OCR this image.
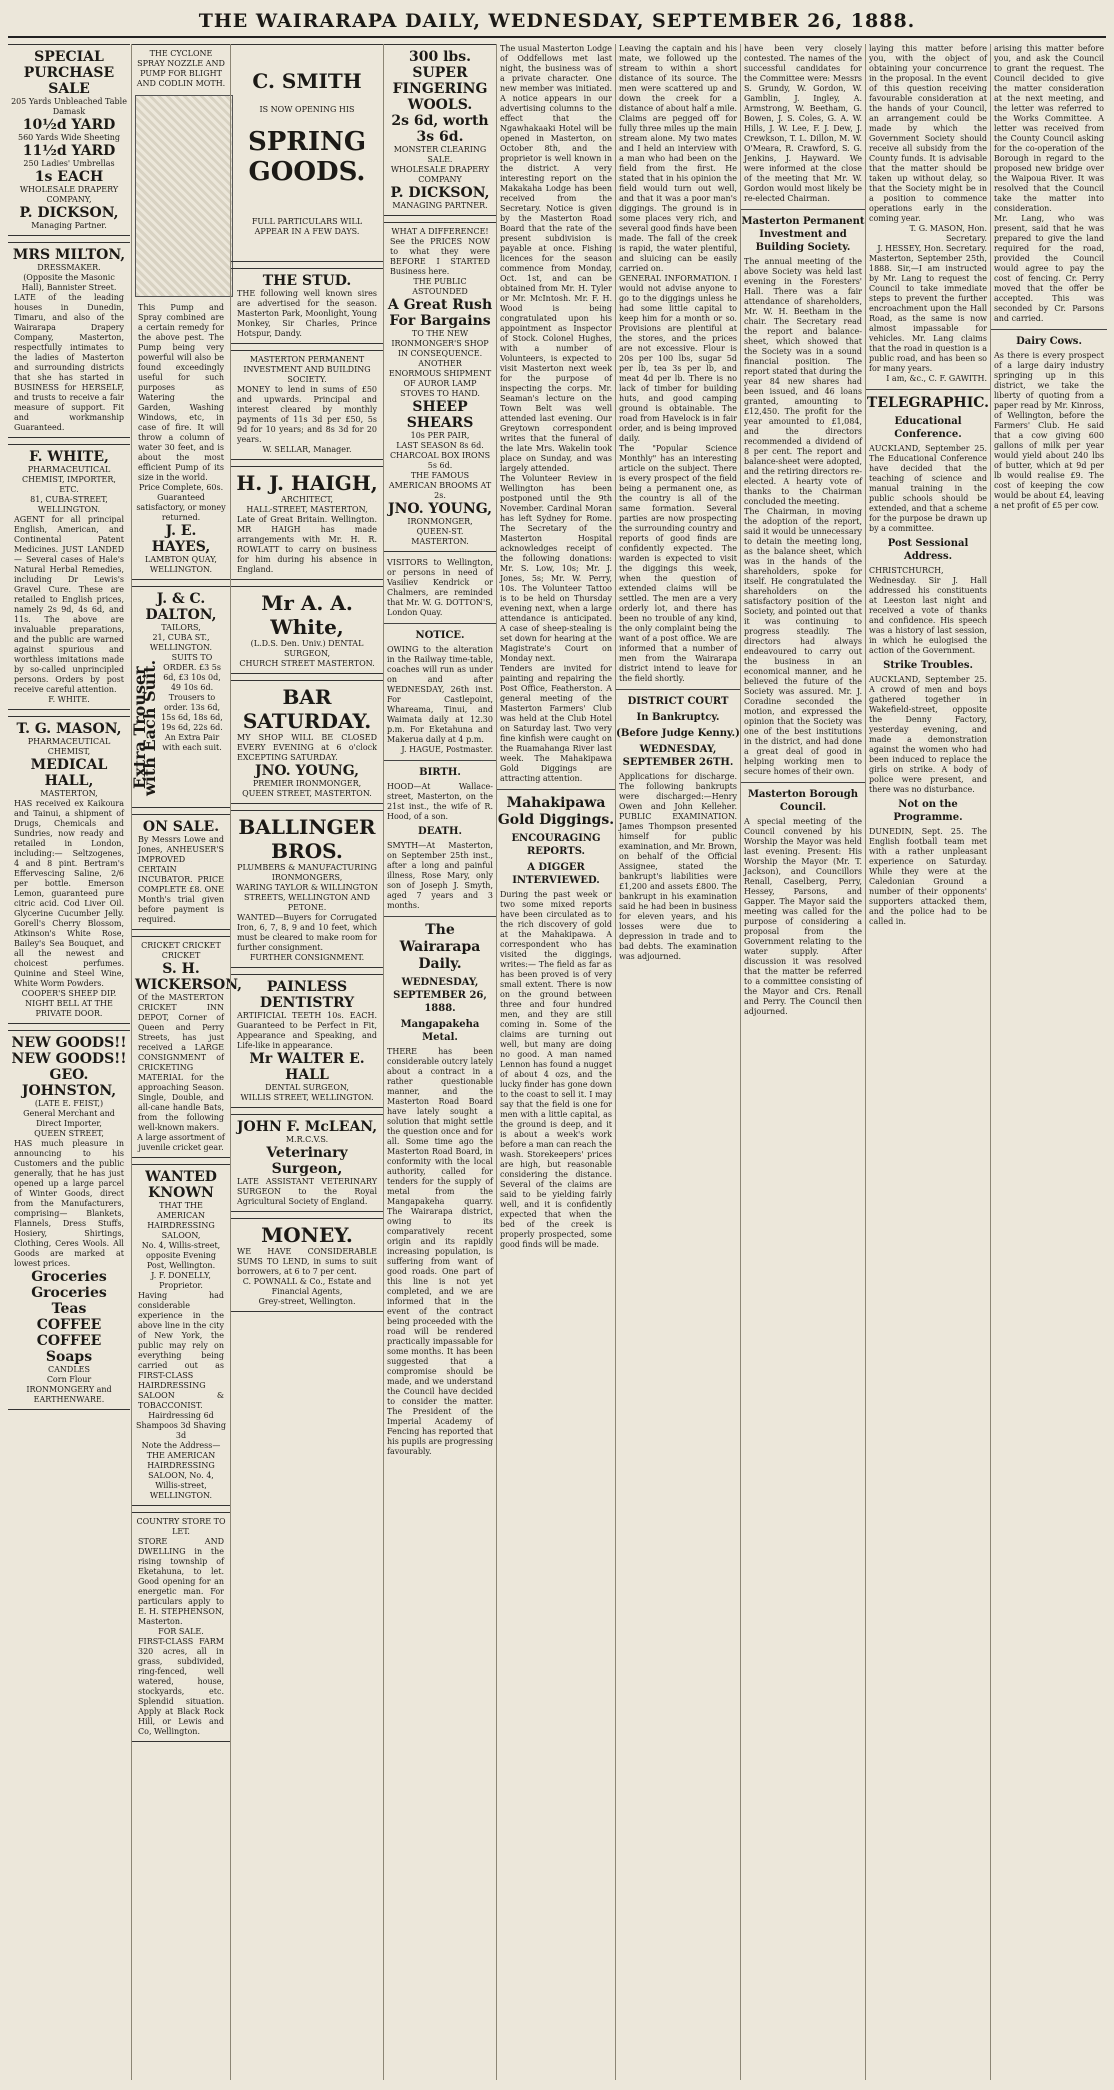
THE WAIRARAPA DAILY, WEDNESDAY, SEPTEMBER 26, 1888.
SPECIAL PURCHASE SALE
205 Yards Unbleached Table Damask
10½d YARD
560 Yards Wide Sheeting
11½d YARD
250 Ladies' Umbrellas
1s EACH
WHOLESALE DRAPERY COMPANY,
P. DICKSON,
Managing Partner.
MRS MILTON,
DRESSMAKER.
(Opposite the Masonic Hall), Bannister Street.
LATE of the leading houses in Dunedin, Timaru, and also of the Wairarapa Drapery Company, Masterton, respectfully intimates to the ladies of Masterton and surrounding districts that she has started in BUSINESS for HERSELF, and trusts to receive a fair measure of support. Fit and workmanship Guaranteed.
F. WHITE,
PHARMACEUTICAL CHEMIST, IMPORTER, ETC.
81, CUBA-STREET, WELLINGTON.
AGENT for all principal English, American, and Continental Patent Medicines. JUST LANDED — Several cases of Hale's Natural Herbal Remedies, including Dr Lewis's Gravel Cure. These are retailed to English prices, namely 2s 9d, 4s 6d, and 11s. The above are invaluable preparations, and the public are warned against spurious and worthless imitations made by so-called unprincipled persons. Orders by post receive careful attention.
F. WHITE.
T. G. MASON,
PHARMACEUTICAL CHEMIST,
MEDICAL HALL,
MASTERTON,
HAS received ex Kaikoura and Tainui, a shipment of Drugs, Chemicals and Sundries, now ready and retailed in London, including:— Seltzogenes, 4 and 8 pint. Bertram's Effervescing Saline, 2/6 per bottle. Emerson Lemon, guaranteed pure citric acid. Cod Liver Oil. Glycerine Cucumber Jelly. Gorell's Cherry Blossom, Atkinson's White Rose, Bailey's Sea Bouquet, and all the newest and choicest perfumes. Quinine and Steel Wine, White Worm Powders.
COOPER'S SHEEP DIP.
NIGHT BELL AT THE PRIVATE DOOR.
NEW GOODS!! NEW GOODS!!
GEO. JOHNSTON,
(LATE E. FEIST,)
General Merchant and Direct Importer,
QUEEN STREET,
HAS much pleasure in announcing to his Customers and the public generally, that he has just opened up a large parcel of Winter Goods, direct from the Manufacturers, comprising— Blankets, Flannels, Dress Stuffs, Hosiery, Shirtings, Clothing, Ceres Wools. All Goods are marked at lowest prices.
Groceries Groceries
Teas
COFFEE COFFEE
Soaps
CANDLES
Corn Flour
IRONMONGERY and EARTHENWARE.
THE CYCLONE SPRAY NOZZLE AND PUMP FOR BLIGHT AND CODLIN MOTH.
This Pump and Spray combined are a certain remedy for the above pest. The Pump being very powerful will also be found exceedingly useful for such purposes as Watering the Garden, Washing Windows, etc, in case of fire. It will throw a column of water 30 feet, and is about the most efficient Pump of its size in the world.
Price Complete, 60s.
Guaranteed satisfactory, or money returned.
J. E. HAYES,
LAMBTON QUAY, WELLINGTON.
J. & C. DALTON,
TAILORS,
21, CUBA ST., WELLINGTON.
Extra Trouser with Each Suit.
SUITS TO ORDER. £3 5s 6d, £3 10s 0d, 49 10s 6d.
Trousers to order. 13s 6d, 15s 6d, 18s 6d, 19s 6d, 22s 6d.
An Extra Pair with each suit.
ON SALE.
By Messrs Lowe and Jones, ANHEUSER'S IMPROVED CERTAIN INCUBATOR. PRICE COMPLETE £8. ONE Month's trial given before payment is required.
CRICKET CRICKET CRICKET
S. H. WICKERSON,
Of the MASTERTON CRICKET INN DEPOT, Corner of Queen and Perry Streets, has just received a LARGE CONSIGNMENT of CRICKETING MATERIAL for the approaching Season. Single, Double, and all-cane handle Bats, from the following well-known makers.
A large assortment of juvenile cricket gear.
WANTED KNOWN
THAT THE AMERICAN HAIRDRESSING SALOON,
No. 4, Willis-street, opposite Evening Post, Wellington.
J. F. DONELLY, Proprietor.
Having had considerable experience in the above line in the city of New York, the public may rely on everything being carried out as FIRST-CLASS HAIRDRESSING SALOON & TOBACCONIST.
Hairdressing 6d Shampoos 3d Shaving 3d
Note the Address— THE AMERICAN HAIRDRESSING SALOON, No. 4, Willis-street, WELLINGTON.
COUNTRY STORE TO LET.
STORE AND DWELLING in the rising township of Eketahuna, to let. Good opening for an energetic man. For particulars apply to E. H. STEPHENSON, Masterton.
FOR SALE.
FIRST-CLASS FARM 320 acres, all in grass, subdivided, ring-fenced, well watered, house, stockyards, etc. Splendid situation. Apply at Black Rock Hill, or Lewis and Co, Wellington.
C. SMITH
IS NOW OPENING HIS
SPRING GOODS.
FULL PARTICULARS WILL APPEAR IN A FEW DAYS.
THE STUD.
THE following well known sires are advertised for the season. Masterton Park, Moonlight, Young Monkey, Sir Charles, Prince Hotspur, Dandy.
MASTERTON PERMANENT INVESTMENT AND BUILDING SOCIETY.
MONEY to lend in sums of £50 and upwards. Principal and interest cleared by monthly payments of 11s 3d per £50, 5s 9d for 10 years; and 8s 3d for 20 years.
W. SELLAR, Manager.
H. J. HAIGH,
ARCHITECT,
HALL-STREET, MASTERTON,
Late of Great Britain. Wellington. MR HAIGH has made arrangements with Mr. H. R. ROWLATT to carry on business for him during his absence in England.
Mr A. A. White,
(L.D.S. Den. Univ.) DENTAL SURGEON,
CHURCH STREET MASTERTON.
BAR SATURDAY.
MY SHOP WILL BE CLOSED EVERY EVENING at 6 o'clock EXCEPTING SATURDAY.
JNO. YOUNG,
PREMIER IRONMONGER,
QUEEN STREET, MASTERTON.
BALLINGER BROS.
PLUMBERS & MANUFACTURING IRONMONGERS,
WARING TAYLOR & WILLINGTON STREETS, WELLINGTON AND PETONE.
WANTED—Buyers for Corrugated Iron, 6, 7, 8, 9 and 10 feet, which must be cleared to make room for further consignment.
FURTHER CONSIGNMENT.
PAINLESS DENTISTRY
ARTIFICIAL TEETH 10s. EACH. Guaranteed to be Perfect in Fit, Appearance and Speaking, and Life-like in appearance.
Mr WALTER E. HALL
DENTAL SURGEON,
WILLIS STREET, WELLINGTON.
JOHN F. McLEAN,
M.R.C.V.S.
Veterinary Surgeon,
LATE ASSISTANT VETERINARY SURGEON to the Royal Agricultural Society of England.
MONEY.
WE HAVE CONSIDERABLE SUMS TO LEND, in sums to suit borrowers, at 6 to 7 per cent.
C. POWNALL & Co., Estate and Financial Agents,
Grey-street, Wellington.
300 lbs.
SUPER FINGERING WOOLS.
2s 6d, worth 3s 6d.
MONSTER CLEARING SALE.
WHOLESALE DRAPERY COMPANY
P. DICKSON,
MANAGING PARTNER.
WHAT A DIFFERENCE!
See the PRICES NOW to what they were BEFORE I STARTED Business here.
THE PUBLIC ASTOUNDED
A Great Rush For Bargains
TO THE NEW IRONMONGER'S SHOP IN CONSEQUENCE.
ANOTHER
ENORMOUS SHIPMENT OF AUROR LAMP STOVES TO HAND.
SHEEP SHEARS
10s PER PAIR,
LAST SEASON 8s 6d.
CHARCOAL BOX IRONS 5s 6d.
THE FAMOUS AMERICAN BROOMS AT 2s.
JNO. YOUNG,
IRONMONGER,
QUEEN-ST. MASTERTON.
VISITORS to Wellington, or persons in need of Vasiliev Kendrick or Chalmers, are reminded that Mr. W. G. DOTTON'S, London Quay.
NOTICE.
OWING to the alteration in the Railway time-table, coaches will run as under on and after WEDNESDAY, 26th inst. For Castlepoint, Whareama, Tinui, and Waimata daily at 12.30 p.m. For Eketahuna and Makerua daily at 4 p.m.
J. HAGUE, Postmaster.
BIRTH.
HOOD—At Wallace-street, Masterton, on the 21st inst., the wife of R. Hood, of a son.
DEATH.
SMYTH—At Masterton, on September 25th inst., after a long and painful illness, Rose Mary, only son of Joseph J. Smyth, aged 7 years and 3 months.
The Wairarapa Daily.
WEDNESDAY, SEPTEMBER 26, 1888.
Mangapakeha Metal.
THERE has been considerable outcry lately about a contract in a rather questionable manner, and the Masterton Road Board have lately sought a solution that might settle the question once and for all. Some time ago the Masterton Road Board, in conformity with the local authority, called for tenders for the supply of metal from the Mangapakeha quarry. The Wairarapa district, owing to its comparatively recent origin and its rapidly increasing population, is suffering from want of good roads. One part of this line is not yet completed, and we are informed that in the event of the contract being proceeded with the road will be rendered practically impassable for some months. It has been suggested that a compromise should be made, and we understand the Council have decided to consider the matter. The President of the Imperial Academy of Fencing has reported that his pupils are progressing favourably.
The usual Masterton Lodge of Oddfellows met last night, the business was of a private character. One new member was initiated. A notice appears in our advertising columns to the effect that the Ngawhakaaki Hotel will be opened in Masterton, on October 8th, and the proprietor is well known in the district. A very interesting report on the Makakaha Lodge has been received from the Secretary. Notice is given by the Masterton Road Board that the rate of the present subdivision is payable at once. Fishing licences for the season commence from Monday, Oct. 1st, and can be obtained from Mr. H. Tyler or Mr. McIntosh. Mr. F. H. Wood is being congratulated upon his appointment as Inspector of Stock. Colonel Hughes, with a number of Volunteers, is expected to visit Masterton next week for the purpose of inspecting the corps. Mr. Seaman's lecture on the Town Belt was well attended last evening. Our Greytown correspondent writes that the funeral of the late Mrs. Wakelin took place on Sunday, and was largely attended.
The Volunteer Review in Wellington has been postponed until the 9th November. Cardinal Moran has left Sydney for Rome. The Secretary of the Masterton Hospital acknowledges receipt of the following donations: Mr. S. Low, 10s; Mr. J. Jones, 5s; Mr. W. Perry, 10s. The Volunteer Tattoo is to be held on Thursday evening next, when a large attendance is anticipated. A case of sheep-stealing is set down for hearing at the Magistrate's Court on Monday next.
Tenders are invited for painting and repairing the Post Office, Featherston. A general meeting of the Masterton Farmers' Club was held at the Club Hotel on Saturday last. Two very fine kinfish were caught on the Ruamahanga River last week. The Mahakipawa Gold Diggings are attracting attention.
Mahakipawa Gold Diggings.
ENCOURAGING REPORTS.
A DIGGER INTERVIEWED.
During the past week or two some mixed reports have been circulated as to the rich discovery of gold at the Mahakipawa. A correspondent who has visited the diggings, writes:— The field as far as has been proved is of very small extent. There is now on the ground between three and four hundred men, and they are still coming in. Some of the claims are turning out well, but many are doing no good. A man named Lennon has found a nugget of about 4 ozs, and the lucky finder has gone down to the coast to sell it. I may say that the field is one for men with a little capital, as the ground is deep, and it is about a week's work before a man can reach the wash. Storekeepers' prices are high, but reasonable considering the distance. Several of the claims are said to be yielding fairly well, and it is confidently expected that when the bed of the creek is properly prospected, some good finds will be made.
Leaving the captain and his mate, we followed up the stream to within a short distance of its source. The men were scattered up and down the creek for a distance of about half a mile. Claims are pegged off for fully three miles up the main stream alone. My two mates and I held an interview with a man who had been on the field from the first. He stated that in his opinion the field would turn out well, and that it was a poor man's diggings. The ground is in some places very rich, and several good finds have been made. The fall of the creek is rapid, the water plentiful, and sluicing can be easily carried on.
GENERAL INFORMATION. I would not advise anyone to go to the diggings unless he had some little capital to keep him for a month or so. Provisions are plentiful at the stores, and the prices are not excessive. Flour is 20s per 100 lbs, sugar 5d per lb, tea 3s per lb, and meat 4d per lb. There is no lack of timber for building huts, and good camping ground is obtainable. The road from Havelock is in fair order, and is being improved daily.
The "Popular Science Monthly" has an interesting article on the subject. There is every prospect of the field being a permanent one, as the country is all of the same formation. Several parties are now prospecting the surrounding country and reports of good finds are confidently expected. The warden is expected to visit the diggings this week, when the question of extended claims will be settled. The men are a very orderly lot, and there has been no trouble of any kind, the only complaint being the want of a post office. We are informed that a number of men from the Wairarapa district intend to leave for the field shortly.
DISTRICT COURT
In Bankruptcy.
(Before Judge Kenny.)
WEDNESDAY, SEPTEMBER 26TH.
Applications for discharge. The following bankrupts were discharged:—Henry Owen and John Kelleher. PUBLIC EXAMINATION. James Thompson presented himself for public examination, and Mr. Brown, on behalf of the Official Assignee, stated the bankrupt's liabilities were £1,200 and assets £800. The bankrupt in his examination said he had been in business for eleven years, and his losses were due to depression in trade and to bad debts. The examination was adjourned.
have been very closely contested. The names of the successful candidates for the Committee were: Messrs S. Grundy, W. Gordon, W. Gamblin, J. Ingley, A. Armstrong, W. Beetham, G. Bowen, J. S. Coles, G. A. W. Hills, J. W. Lee, F. J. Dew, J. Crewkson, T. L. Dillon, M. W. O'Meara, R. Crawford, S. G. Jenkins, J. Hayward. We were informed at the close of the meeting that Mr. W. Gordon would most likely be re-elected Chairman.
Masterton Permanent Investment and Building Society.
The annual meeting of the above Society was held last evening in the Foresters' Hall. There was a fair attendance of shareholders, Mr. W. H. Beetham in the chair. The Secretary read the report and balance-sheet, which showed that the Society was in a sound financial position. The report stated that during the year 84 new shares had been issued, and 46 loans granted, amounting to £12,450. The profit for the year amounted to £1,084, and the directors recommended a dividend of 8 per cent. The report and balance-sheet were adopted, and the retiring directors re-elected. A hearty vote of thanks to the Chairman concluded the meeting.
The Chairman, in moving the adoption of the report, said it would be unnecessary to detain the meeting long, as the balance sheet, which was in the hands of the shareholders, spoke for itself. He congratulated the shareholders on the satisfactory position of the Society, and pointed out that it was continuing to progress steadily. The directors had always endeavoured to carry out the business in an economical manner, and he believed the future of the Society was assured. Mr. J. Coradine seconded the motion, and expressed the opinion that the Society was one of the best institutions in the district, and had done a great deal of good in helping working men to secure homes of their own.
Masterton Borough Council.
A special meeting of the Council convened by his Worship the Mayor was held last evening. Present: His Worship the Mayor (Mr. T. Jackson), and Councillors Renall, Caselberg, Perry, Hessey, Parsons, and Gapper. The Mayor said the meeting was called for the purpose of considering a proposal from the Government relating to the water supply. After discussion it was resolved that the matter be referred to a committee consisting of the Mayor and Crs. Renall and Perry. The Council then adjourned.
laying this matter before you, with the object of obtaining your concurrence in the proposal. In the event of this question receiving favourable consideration at the hands of your Council, an arrangement could be made by which the Government Society should receive all subsidy from the County funds. It is advisable that the matter should be taken up without delay, so that the Society might be in a position to commence operations early in the coming year.
T. G. MASON, Hon. Secretary.
J. HESSEY, Hon. Secretary.
Masterton, September 25th, 1888. Sir,—I am instructed by Mr. Lang to request the Council to take immediate steps to prevent the further encroachment upon the Hall Road, as the same is now almost impassable for vehicles. Mr. Lang claims that the road in question is a public road, and has been so for many years.
I am, &c., C. F. GAWITH.
TELEGRAPHIC.
Educational Conference.
AUCKLAND, September 25. The Educational Conference have decided that the teaching of science and manual training in the public schools should be extended, and that a scheme for the purpose be drawn up by a committee.
Post Sessional Address.
CHRISTCHURCH, Wednesday. Sir J. Hall addressed his constituents at Leeston last night and received a vote of thanks and confidence. His speech was a history of last session, in which he eulogised the action of the Government.
Strike Troubles.
AUCKLAND, September 25. A crowd of men and boys gathered together in Wakefield-street, opposite the Denny Factory, yesterday evening, and made a demonstration against the women who had been induced to replace the girls on strike. A body of police were present, and there was no disturbance.
Not on the Programme.
DUNEDIN, Sept. 25. The English football team met with a rather unpleasant experience on Saturday. While they were at the Caledonian Ground a number of their opponents' supporters attacked them, and the police had to be called in.
arising this matter before you, and ask the Council to grant the request. The Council decided to give the matter consideration at the next meeting, and the letter was referred to the Works Committee. A letter was received from the County Council asking for the co-operation of the Borough in regard to the proposed new bridge over the Waipoua River. It was resolved that the Council take the matter into consideration.
Mr. Lang, who was present, said that he was prepared to give the land required for the road, provided the Council would agree to pay the cost of fencing. Cr. Perry moved that the offer be accepted. This was seconded by Cr. Parsons and carried.
Dairy Cows.
As there is every prospect of a large dairy industry springing up in this district, we take the liberty of quoting from a paper read by Mr. Kinross, of Wellington, before the Farmers' Club. He said that a cow giving 600 gallons of milk per year would yield about 240 lbs of butter, which at 9d per lb would realise £9. The cost of keeping the cow would be about £4, leaving a net profit of £5 per cow.
